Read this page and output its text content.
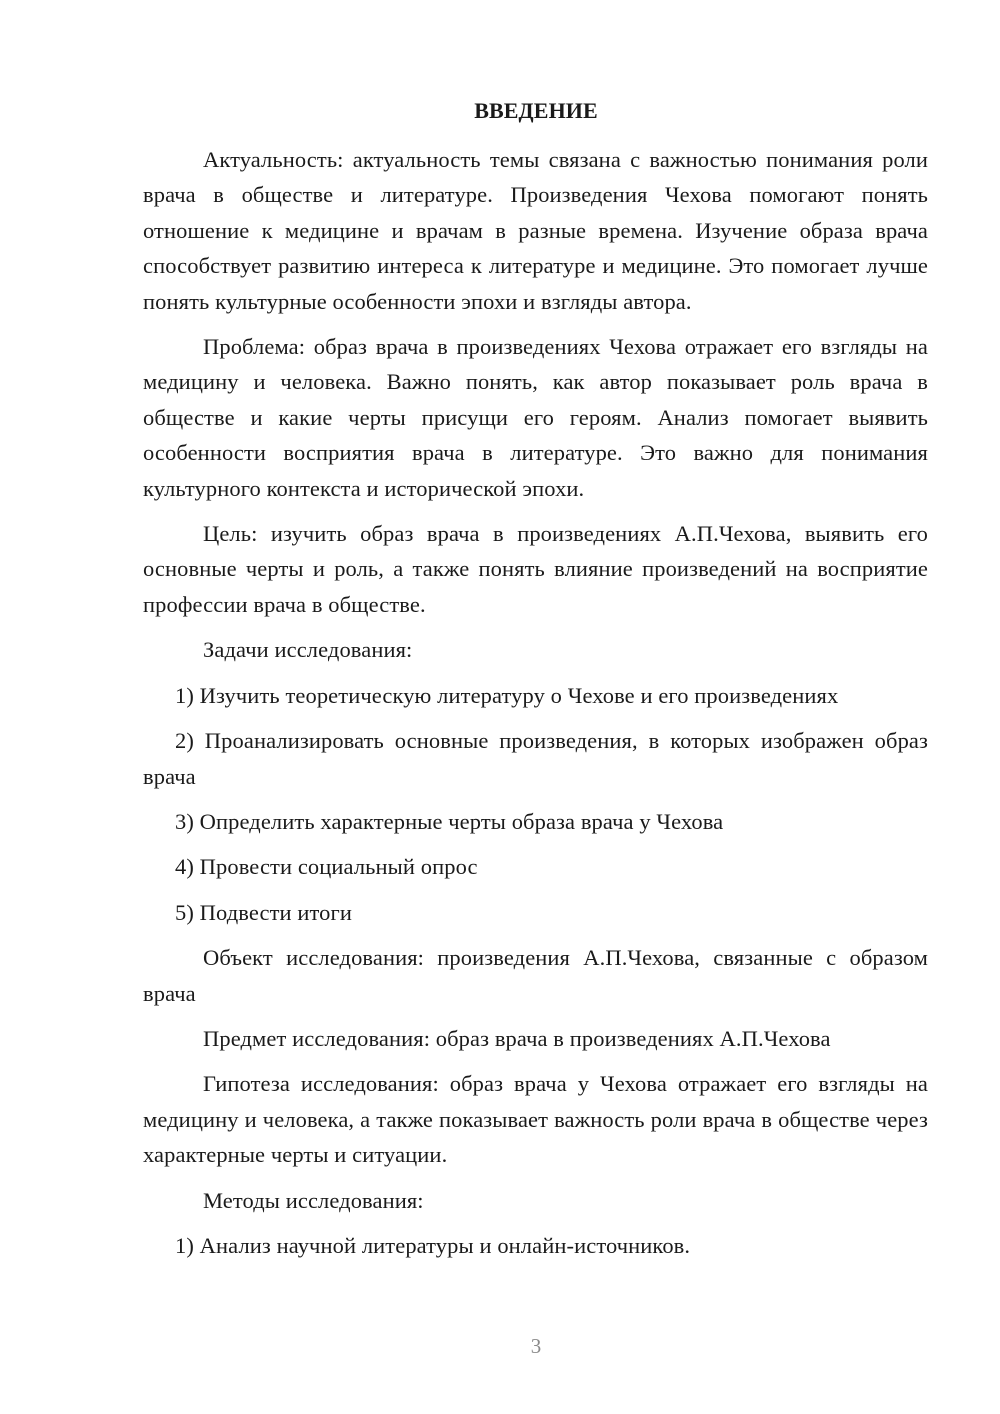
ВВЕДЕНИЕ

Актуальность: актуальность темы связана с важностью понимания роли врача в обществе и литературе. Произведения Чехова помогают понять отношение к медицине и врачам в разные времена. Изучение образа врача способствует развитию интереса к литературе и медицине. Это помогает лучше понять культурные особенности эпохи и взгляды автора.

Проблема: образ врача в произведениях Чехова отражает его взгляды на медицину и человека. Важно понять, как автор показывает роль врача в обществе и какие черты присущи его героям. Анализ помогает выявить особенности восприятия врача в литературе. Это важно для понимания культурного контекста и исторической эпохи.

Цель: изучить образ врача в произведениях А.П.Чехова, выявить его основные черты и роль, а также понять влияние произведений на восприятие профессии врача в обществе.

Задачи исследования:

1) Изучить теоретическую литературу о Чехове и его произведениях

2) Проанализировать основные произведения, в которых изображен образ врача

3) Определить характерные черты образа врача у Чехова

4) Провести социальный опрос

5) Подвести итоги

Объект исследования: произведения А.П.Чехова, связанные с образом врача

Предмет исследования: образ врача в произведениях А.П.Чехова

Гипотеза исследования: образ врача у Чехова отражает его взгляды на медицину и человека, а также показывает важность роли врача в обществе через характерные черты и ситуации.

Методы исследования:

1) Анализ научной литературы и онлайн-источников.

3
